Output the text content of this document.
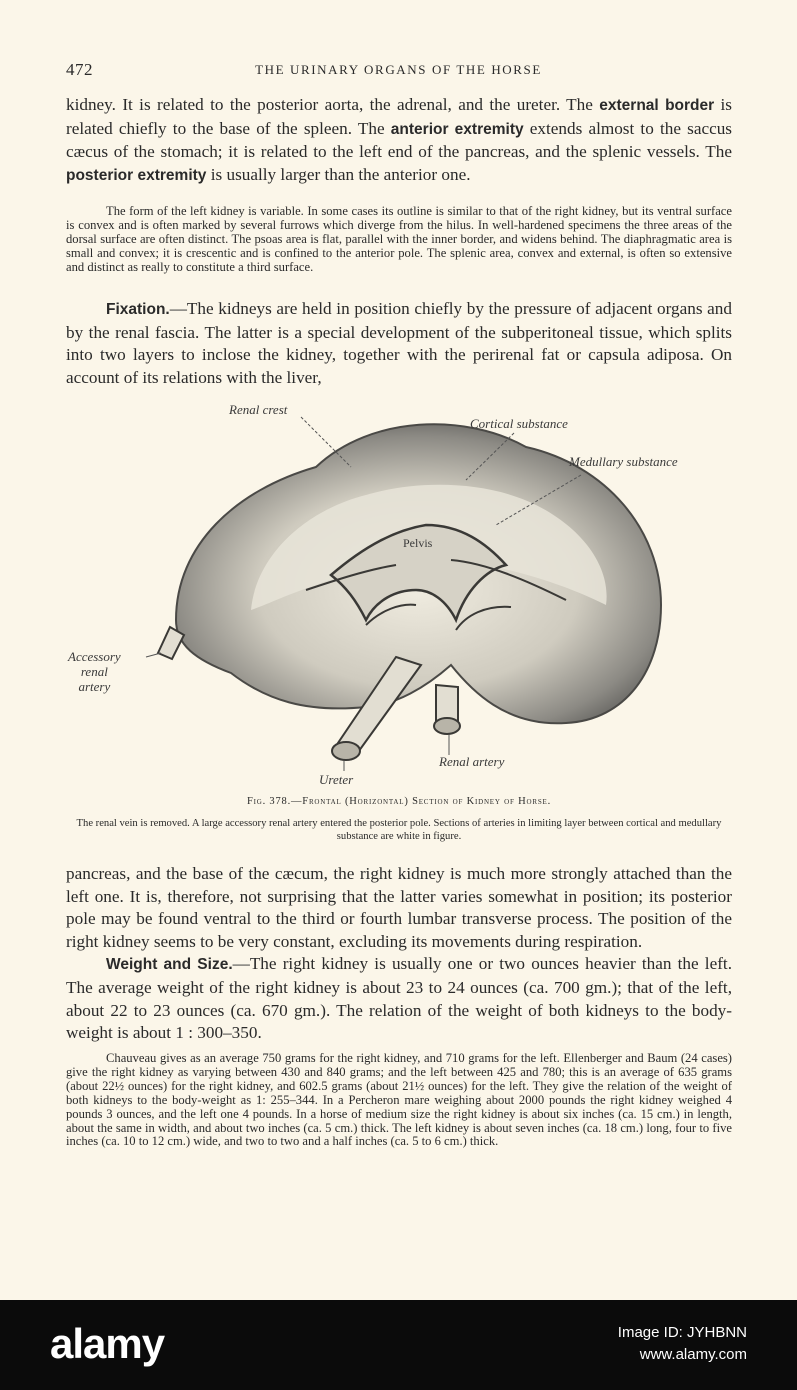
472	THE URINARY ORGANS OF THE HORSE

kidney. It is related to the posterior aorta, the adrenal, and the ureter. The external border is related chiefly to the base of the spleen. The anterior extremity extends almost to the saccus cæcus of the stomach; it is related to the left end of the pancreas, and the splenic vessels. The posterior extremity is usually larger than the anterior one.

The form of the left kidney is variable. In some cases its outline is similar to that of the right kidney, but its ventral surface is convex and is often marked by several furrows which diverge from the hilus. In well-hardened specimens the three areas of the dorsal surface are often distinct. The psoas area is flat, parallel with the inner border, and widens behind. The diaphragmatic area is small and convex; it is crescentic and is confined to the anterior pole. The splenic area, convex and external, is often so extensive and distinct as really to constitute a third surface.

Fixation.—The kidneys are held in position chiefly by the pressure of adjacent organs and by the renal fascia. The latter is a special development of the subperitoneal tissue, which splits into two layers to inclose the kidney, together with the perirenal fat or capsula adiposa. On account of its relations with the liver,

Renal crest
Cortical substance
Medullary substance
Pelvis
Accessory
renal
artery
Renal artery
Ureter
Fig. 378.—Frontal (Horizontal) Section of Kidney of Horse.
The renal vein is removed. A large accessory renal artery entered the posterior pole. Sections of arteries in limiting layer between cortical and medullary substance are white in figure.

pancreas, and the base of the cæcum, the right kidney is much more strongly attached than the left one. It is, therefore, not surprising that the latter varies somewhat in position; its posterior pole may be found ventral to the third or fourth lumbar transverse process. The position of the right kidney seems to be very constant, excluding its movements during respiration.

Weight and Size.—The right kidney is usually one or two ounces heavier than the left. The average weight of the right kidney is about 23 to 24 ounces (ca. 700 gm.); that of the left, about 22 to 23 ounces (ca. 670 gm.). The relation of the weight of both kidneys to the body-weight is about 1 : 300–350.

Chauveau gives as an average 750 grams for the right kidney, and 710 grams for the left. Ellenberger and Baum (24 cases) give the right kidney as varying between 430 and 840 grams; and the left between 425 and 780; this is an average of 635 grams (about 22½ ounces) for the right kidney, and 602.5 grams (about 21½ ounces) for the left. They give the relation of the weight of both kidneys to the body-weight as 1: 255–344. In a Percheron mare weighing about 2000 pounds the right kidney weighed 4 pounds 3 ounces, and the left one 4 pounds. In a horse of medium size the right kidney is about six inches (ca. 15 cm.) in length, about the same in width, and about two inches (ca. 5 cm.) thick. The left kidney is about seven inches (ca. 18 cm.) long, four to five inches (ca. 10 to 12 cm.) wide, and two to two and a half inches (ca. 5 to 6 cm.) thick.

alamy	Image ID: JYHBNN
www.alamy.com
